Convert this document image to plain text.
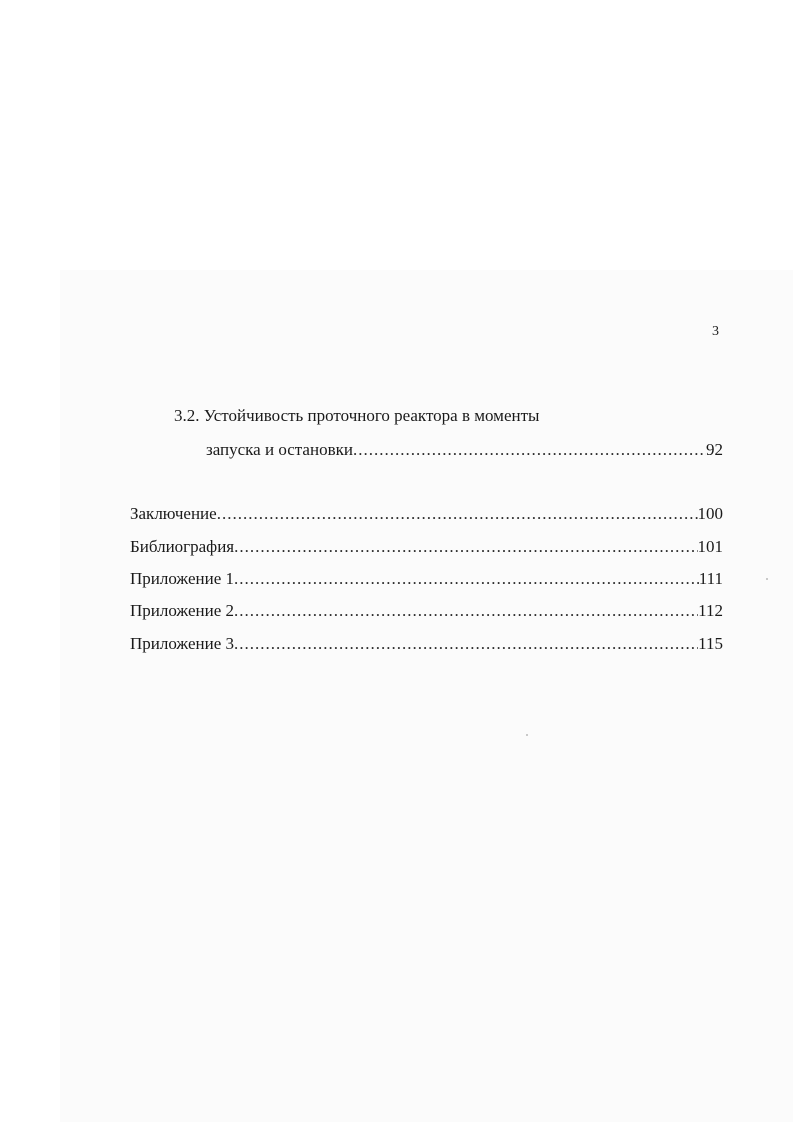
3
3.2. Устойчивость проточного реактора в моменты
запуска и остановки .....	92
Заключение .....	100
Библиография .....	101
Приложение 1 .....	111
Приложение 2 .....	112
Приложение 3 .....	115
